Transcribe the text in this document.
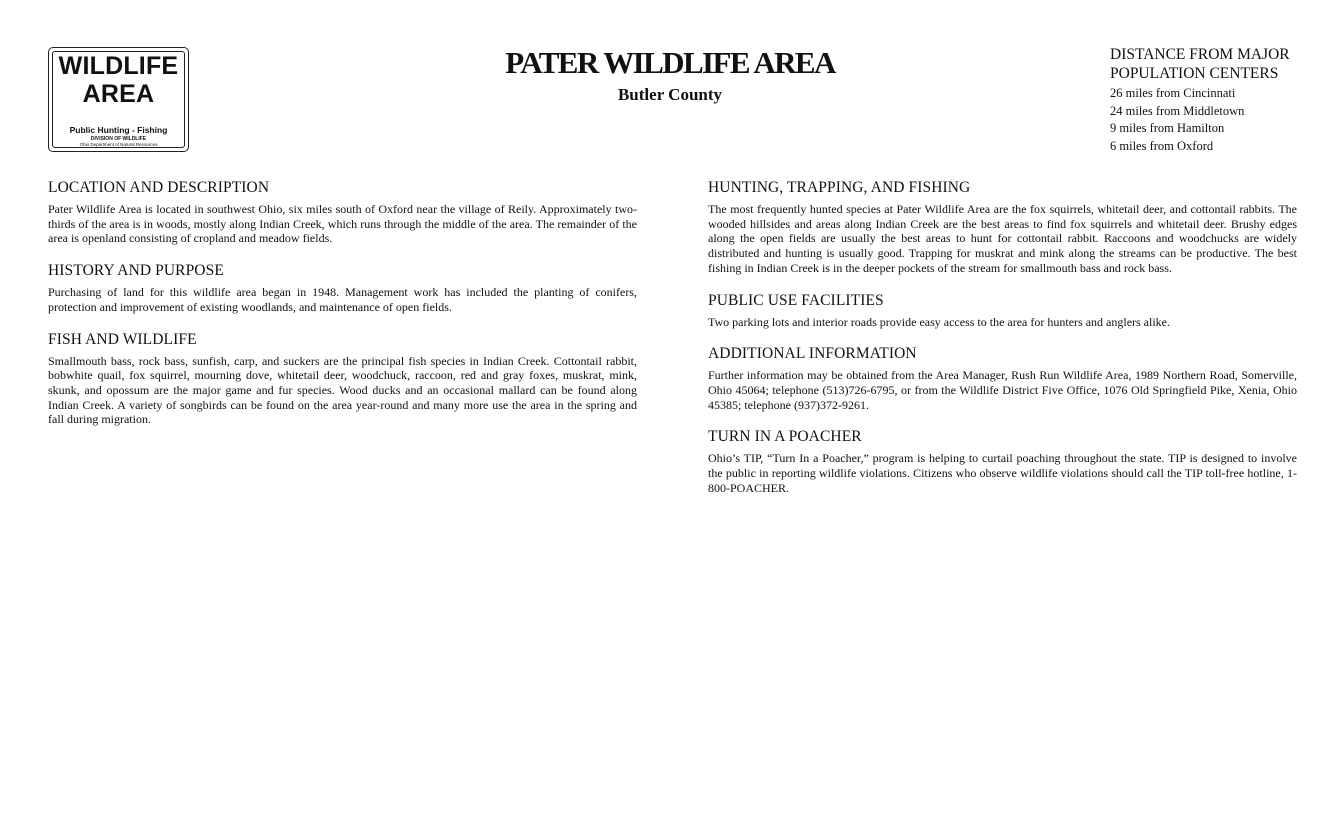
WILDLIFE
AREA
Public Hunting - Fishing
DIVISION OF WILDLIFE
Ohio Department of Natural Resources
PATER WILDLIFE AREA
Butler County
DISTANCE FROM MAJOR
POPULATION CENTERS
26 miles from Cincinnati
24 miles from Middletown
9 miles from Hamilton
6 miles from Oxford
LOCATION AND DESCRIPTION

Pater Wildlife Area is located in southwest Ohio, six miles south of Oxford near the village of Reily. Approximately two-thirds of the area is in woods, mostly along Indian Creek, which runs through the middle of the area. The remainder of the area is openland consisting of cropland and meadow fields.

HISTORY AND PURPOSE

Purchasing of land for this wildlife area began in 1948. Management work has included the planting of conifers, protection and improvement of existing woodlands, and maintenance of open fields.

FISH AND WILDLIFE

Smallmouth bass, rock bass, sunfish, carp, and suckers are the principal fish species in Indian Creek. Cottontail rabbit, bobwhite quail, fox squirrel, mourning dove, whitetail deer, woodchuck, raccoon, red and gray foxes, muskrat, mink, skunk, and opossum are the major game and fur species. Wood ducks and an occasional mallard can be found along Indian Creek. A variety of songbirds can be found on the area year-round and many more use the area in the spring and fall during migration.

HUNTING, TRAPPING, AND FISHING

The most frequently hunted species at Pater Wildlife Area are the fox squirrels, whitetail deer, and cottontail rabbits. The wooded hillsides and areas along Indian Creek are the best areas to find fox squirrels and whitetail deer. Brushy edges along the open fields are usually the best areas to hunt for cottontail rabbit. Raccoons and woodchucks are widely distributed and hunting is usually good. Trapping for muskrat and mink along the streams can be productive. The best fishing in Indian Creek is in the deeper pockets of the stream for smallmouth bass and rock bass.

PUBLIC USE FACILITIES

Two parking lots and interior roads provide easy access to the area for hunters and anglers alike.

ADDITIONAL INFORMATION

Further information may be obtained from the Area Manager, Rush Run Wildlife Area, 1989 Northern Road, Somerville, Ohio 45064; telephone (513)726-6795, or from the Wildlife District Five Office, 1076 Old Springfield Pike, Xenia, Ohio 45385; telephone (937)372-9261.

TURN IN A POACHER

Ohio’s TIP, “Turn In a Poacher,” program is helping to curtail poaching throughout the state. TIP is designed to involve the public in reporting wildlife violations. Citizens who observe wildlife violations should call the TIP toll-free hotline, 1-800-POACHER.
